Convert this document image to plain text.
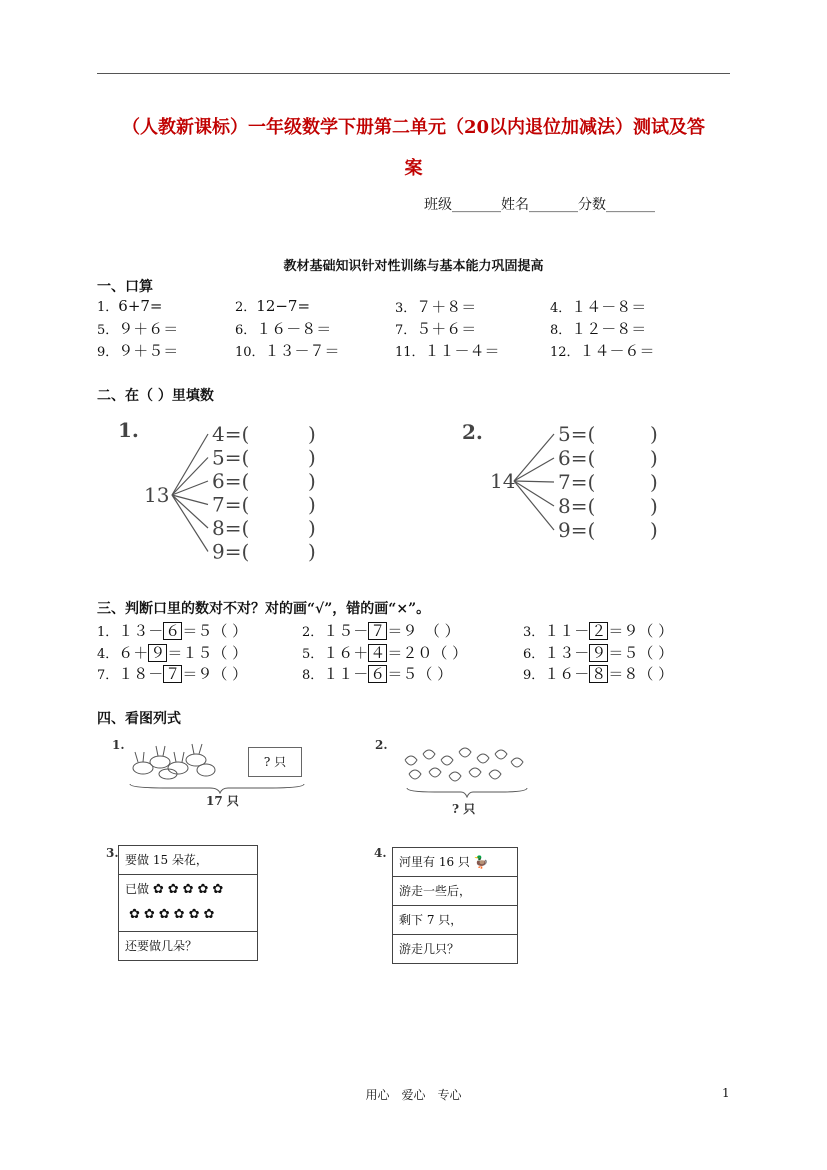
（人教新课标）一年级数学下册第二单元（20以内退位加减法）测试及答
案
班级_______姓名_______分数_______
教材基础知识针对性训练与基本能力巩固提高
一、口算
1．6+7=	2．12−7=	3．７＋８＝	4．１４－８＝
5．９＋６＝	6．１６－８＝	7．５＋６＝	8．１２－８＝
9．９＋５＝	10．１３－７＝	11．１１－４＝	12．１４－６＝
二、在（ ）里填数
1.
13
4=(	)
5=(	)
6=(	)
7=(	)
8=(	)
9=(	)
2.
14
5=(	)
6=(	)
7=(	)
8=(	)
9=(	)
三、判断口里的数对不对？对的画“√”，错的画“×”。
1．１３－ ６ ＝５（ ）	2．１５－ ７ ＝９　（ ）	3．１１－ ２ ＝９（ ）
4．６＋ ９ ＝１５（ ）	5．１６＋ ４ ＝２０（ ）	6．１３－ ９ ＝５（ ）
7．１８－ ７ ＝９（ ）	8．１１－ ６ ＝５（ ）	9．１６－ ８ ＝８（ ）
四、看图列式
1.
? 只
17 只
2.
? 只
3. 要做 15 朵花，
已做 ✿✿✿✿✿
✿✿✿✿✿✿
还要做几朵？
4.
河里有 16 只 🦆
游走一些后，
剩下 7 只，
游走几只？
用心　爱心　专心	1
